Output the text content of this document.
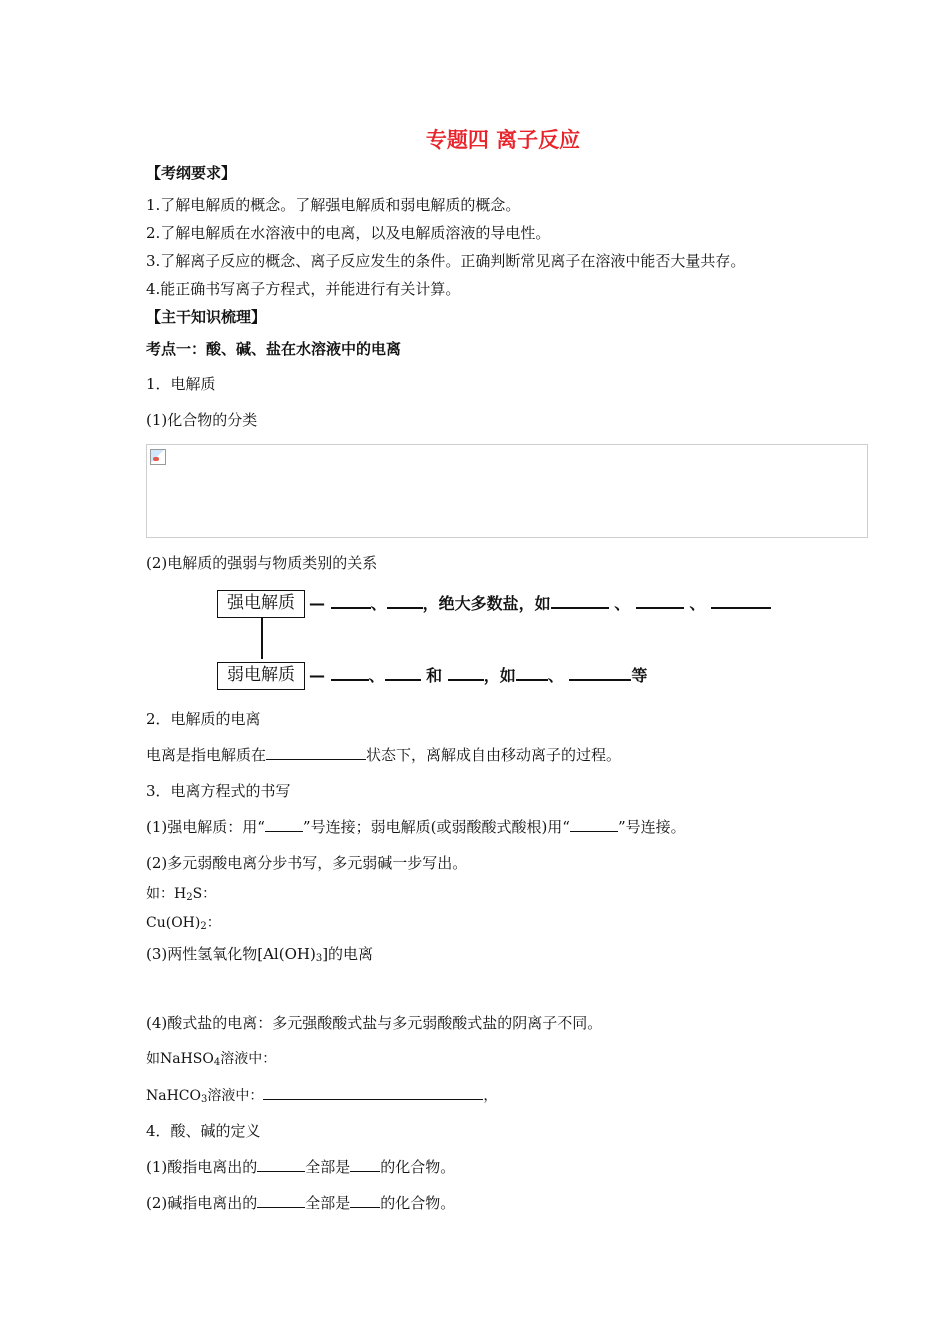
专题四 离子反应
【考纲要求】
1.了解电解质的概念。了解强电解质和弱电解质的概念。
2.了解电解质在水溶液中的电离，以及电解质溶液的导电性。
3.了解离子反应的概念、离子反应发生的条件。正确判断常见离子在溶液中能否大量共存。
4.能正确书写离子方程式，并能进行有关计算。
【主干知识梳理】
考点一：酸、碱、盐在水溶液中的电离
1．电解质
(1)化合物的分类
(2)电解质的强弱与物质类别的关系
强电解质
弱电解质
—	、 ，绝大多数盐，如	、	、
—	、	和	，如 、	等
2．电解质的电离
电离是指电解质在	状态下，离解成自由移动离子的过程。
3．电离方程式的书写
(1)强电解质：用“	”号连接；弱电解质(或弱酸酸式酸根)用“	”号连接。
(2)多元弱酸电离分步书写，多元弱碱一步写出。
如：$H_2S$：
$Cu(OH)_2$：
(3)两性氢氧化物$[Al(OH)_3]$的电离
(4)酸式盐的电离：多元强酸酸式盐与多元弱酸酸式盐的阴离子不同。
如NaHSO$_4$溶液中：
NaHCO$_3$溶液中：	，
4．酸、碱的定义
(1)酸指电离出的	全部是 的化合物。
(2)碱指电离出的	全部是 的化合物。
